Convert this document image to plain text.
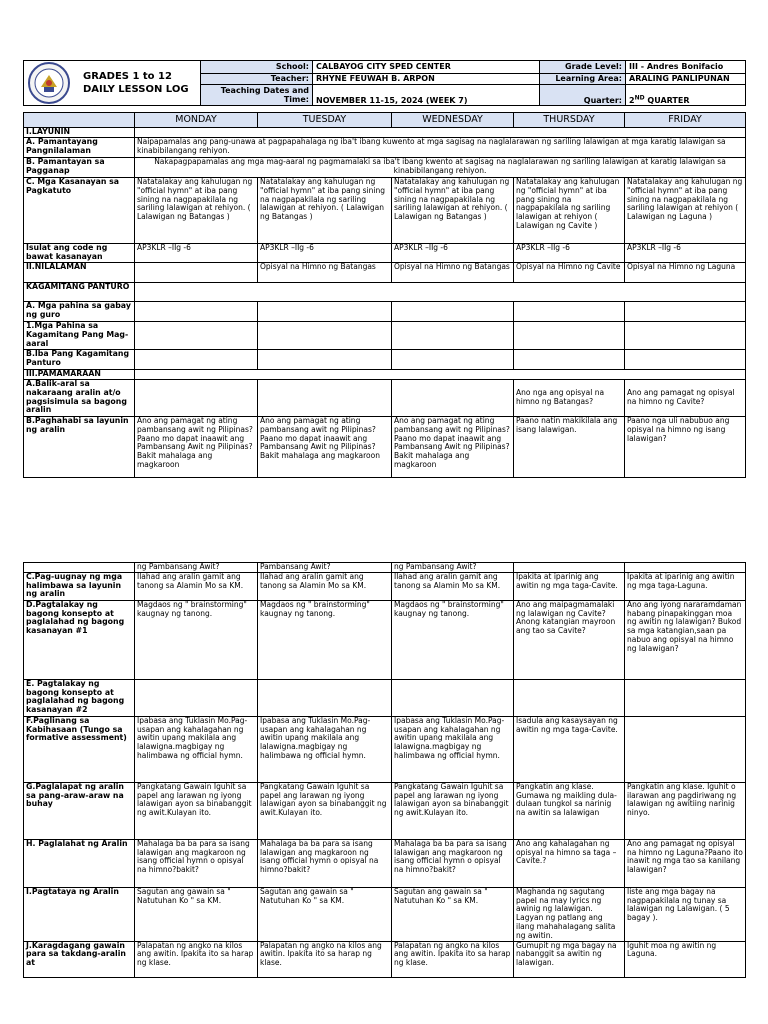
GRADES 1 to 12
DAILY LESSON LOG	School:	CALBAYOG CITY SPED CENTER	Grade Level:	III - Andres Bonifacio
	Teacher:	RHYNE FEUWAH B. ARPON	Learning Area:	ARALING PANLIPUNAN

	Teaching Dates and
Time:	NOVEMBER 11-15, 2024 (WEEK 7)	Quarter:	2ND QUARTER
	MONDAY	TUESDAY	WEDNESDAY	THURSDAY	FRIDAY
I.LAYUNIN					
A. Pamantayang Pangnilalaman	Naipapamalas ang pang-unawa at pagpapahalaga ng iba't ibang kuwento at mga sagisag na naglalarawan ng sariling lalawigan at mga karatig lalawigan sa kinabibilangang rehiyon.				
B. Pamantayan sa Pagganap	Nakapagpapamalas ang mga mag-aaral ng pagmamalaki sa iba't ibang kwento at sagisag na naglalarawan ng sariling lalawigan at karatig lalawigan sa kinabibilangang rehiyon.				
C. Mga Kasanayan sa Pagkatuto	Natatalakay ang kahulugan ng "official hymn" at iba pang sining na nagpapakilala ng sariling lalawigan at rehiyon. ( Lalawigan ng Batangas )	Natatalakay ang kahulugan ng "official hymn" at iba pang sining na nagpapakilala ng sariling lalawigan at rehiyon. ( Lalawigan ng Batangas )	Natatalakay ang kahulugan ng "official hymn" at iba pang sining na nagpapakilala ng sariling lalawigan at rehiyon. ( Lalawigan ng Batangas )	Natatalakay ang kahulugan ng "official hymn" at iba pang sining na nagpapakilala ng sariling lalawigan at rehiyon ( Lalawigan ng Cavite )	Natatalakay ang kahulugan ng "official hymn" at iba pang sining na nagpapakilala ng sariling lalawigan at rehiyon ( Lalawigan ng Laguna )
Isulat ang code ng bawat kasanayan	AP3KLR –IIg -6	AP3KLR –IIg -6	AP3KLR –IIg -6	AP3KLR –IIg -6	AP3KLR –IIg -6
II.NILALAMAN		Opisyal na Himno ng Batangas	Opisyal na Himno ng Batangas	Opisyal na Himno ng Cavite	Opisyal na Himno ng Laguna
KAGAMITANG PANTURO					
A. Mga pahina sa gabay ng guro					
1.Mga Pahina sa Kagamitang Pang Mag-aaral					
B.Iba Pang Kagamitang Panturo					
III.PAMAMARAAN					
A.Balik-aral sa nakaraang aralin at/o pagsisimula sa bagong aralin				Ano nga ang opisyal na himno ng Batangas?	Ano ang pamagat ng opisyal na himno ng Cavite?
B.Paghahabi sa layunin ng aralin	Ano ang pamagat ng ating pambansang awit ng Pilipinas? Paano mo dapat inaawit ang Pambansang Awit ng Pilipinas? Bakit mahalaga ang magkaroon	Ano ang pamagat ng ating pambansang awit ng Pilipinas? Paano mo dapat inaawit ang Pambansang Awit ng Pilipinas? Bakit mahalaga ang magkaroon	Ano ang pamagat ng ating pambansang awit ng Pilipinas? Paano mo dapat inaawit ang Pambansang Awit ng Pilipinas? Bakit mahalaga ang magkaroon	Paano natin makikilala ang isang lalawigan.	Paano nga uli nabubuo ang opisyal na himno ng isang lalawigan?
	ng Pambansang Awit?	Pambansang Awit?	ng Pambansang Awit?		
C.Pag-uugnay ng mga halimbawa sa layunin ng aralin	Ilahad ang aralin gamit ang tanong sa Alamin Mo sa KM.	Ilahad ang aralin gamit ang tanong sa Alamin Mo sa KM.	Ilahad ang aralin gamit ang tanong sa Alamin Mo sa KM.	Ipakita at iparinig ang awitin ng mga taga-Cavite.	Ipakita at iparinig ang awitin ng mga taga-Laguna.
D.Pagtalakay ng bagong konsepto at paglalahad ng bagong kasanayan #1	Magdaos ng " brainstorming" kaugnay ng tanong.	Magdaos ng " brainstorming" kaugnay ng tanong.	Magdaos ng " brainstorming" kaugnay ng tanong.	Ano ang maipagmamalaki ng lalawigan ng Cavite? Anong katangian mayroon ang tao sa Cavite?	Ano ang iyong nararamdaman habang pinapakinggan moa ng awitin ng lalawigan? Bukod sa mga katangian,saan pa nabuo ang opisyal na himno ng lalawigan?
E. Pagtalakay ng bagong konsepto at paglalahad ng bagong kasanayan #2					
F.Paglinang sa Kabihasaan (Tungo sa formative assessment)	Ipabasa ang Tuklasin Mo.Pag-usapan ang kahalagahan ng awitin upang makilala ang lalawigna.magbigay ng halimbawa ng official hymn.	Ipabasa ang Tuklasin Mo.Pag-usapan ang kahalagahan ng awitin upang makilala ang lalawigna.magbigay ng halimbawa ng official hymn.	Ipabasa ang Tuklasin Mo.Pag-usapan ang kahalagahan ng awitin upang makilala ang lalawigna.magbigay ng halimbawa ng official hymn.	Isadula ang kasaysayan ng awitin ng mga taga-Cavite.	
G.Paglalapat ng aralin sa pang-araw-araw na buhay	Pangkatang Gawain Iguhit sa papel ang larawan ng iyong lalawigan ayon sa binabanggit ng awit.Kulayan ito.	Pangkatang Gawain Iguhit sa papel ang larawan ng iyong lalawigan ayon sa binabanggit ng awit.Kulayan ito.	Pangkatang Gawain Iguhit sa papel ang larawan ng iyong lalawigan ayon sa binabanggit ng awit.Kulayan ito.	Pangkatin ang klase. Gumawa ng maikling dula-dulaan tungkol sa narinig na awitin sa lalawigan	Pangkatin ang klase. Iguhit o ilarawan ang pagdiriwang ng lalawigan ng awitiing narinig ninyo.
H. Paglalahat ng Aralin	Mahalaga ba ba para sa isang lalawigan ang magkaroon ng isang official hymn o opisyal na himno?bakit?	Mahalaga ba ba para sa isang lalawigan ang magkaroon ng isang official hymn o opisyal na himno?bakit?	Mahalaga ba ba para sa isang lalawigan ang magkaroon ng isang official hymn o opisyal na himno?bakit?	Ano ang kahalagahan ng opisyal na himno sa taga –Cavite.?	Ano ang pamagat ng opisyal na himno ng Laguna?Paano ito inawit ng mga tao sa kanilang lalawigan?
I.Pagtataya ng Aralin	Sagutan ang gawain sa " Natutuhan Ko " sa KM.	Sagutan ang gawain sa " Natutuhan Ko " sa KM.	Sagutan ang gawain sa " Natutuhan Ko " sa KM.	Maghanda ng sagutang papel na may lyrics ng awinig ng lalawigan. Lagyan ng patlang ang ilang mahahalagang salita ng awitin.	Iiste ang mga bagay na nagpapakilala ng tunay sa lalawigan ng Lalawigan. ( 5 bagay ).
J.Karagdagang gawain para sa takdang-aralin at	Palapatan ng angko na kilos ang awitin. Ipakita ito sa harap ng klase.	Palapatan ng angko na kilos ang awitin. Ipakita ito sa harap ng klase.	Palapatan ng angko na kilos ang awitin. Ipakita ito sa harap ng klase.	Gumupit ng mga bagay na nabanggit sa awitin ng lalawigan.	Iguhit moa ng awitin ng Laguna.
